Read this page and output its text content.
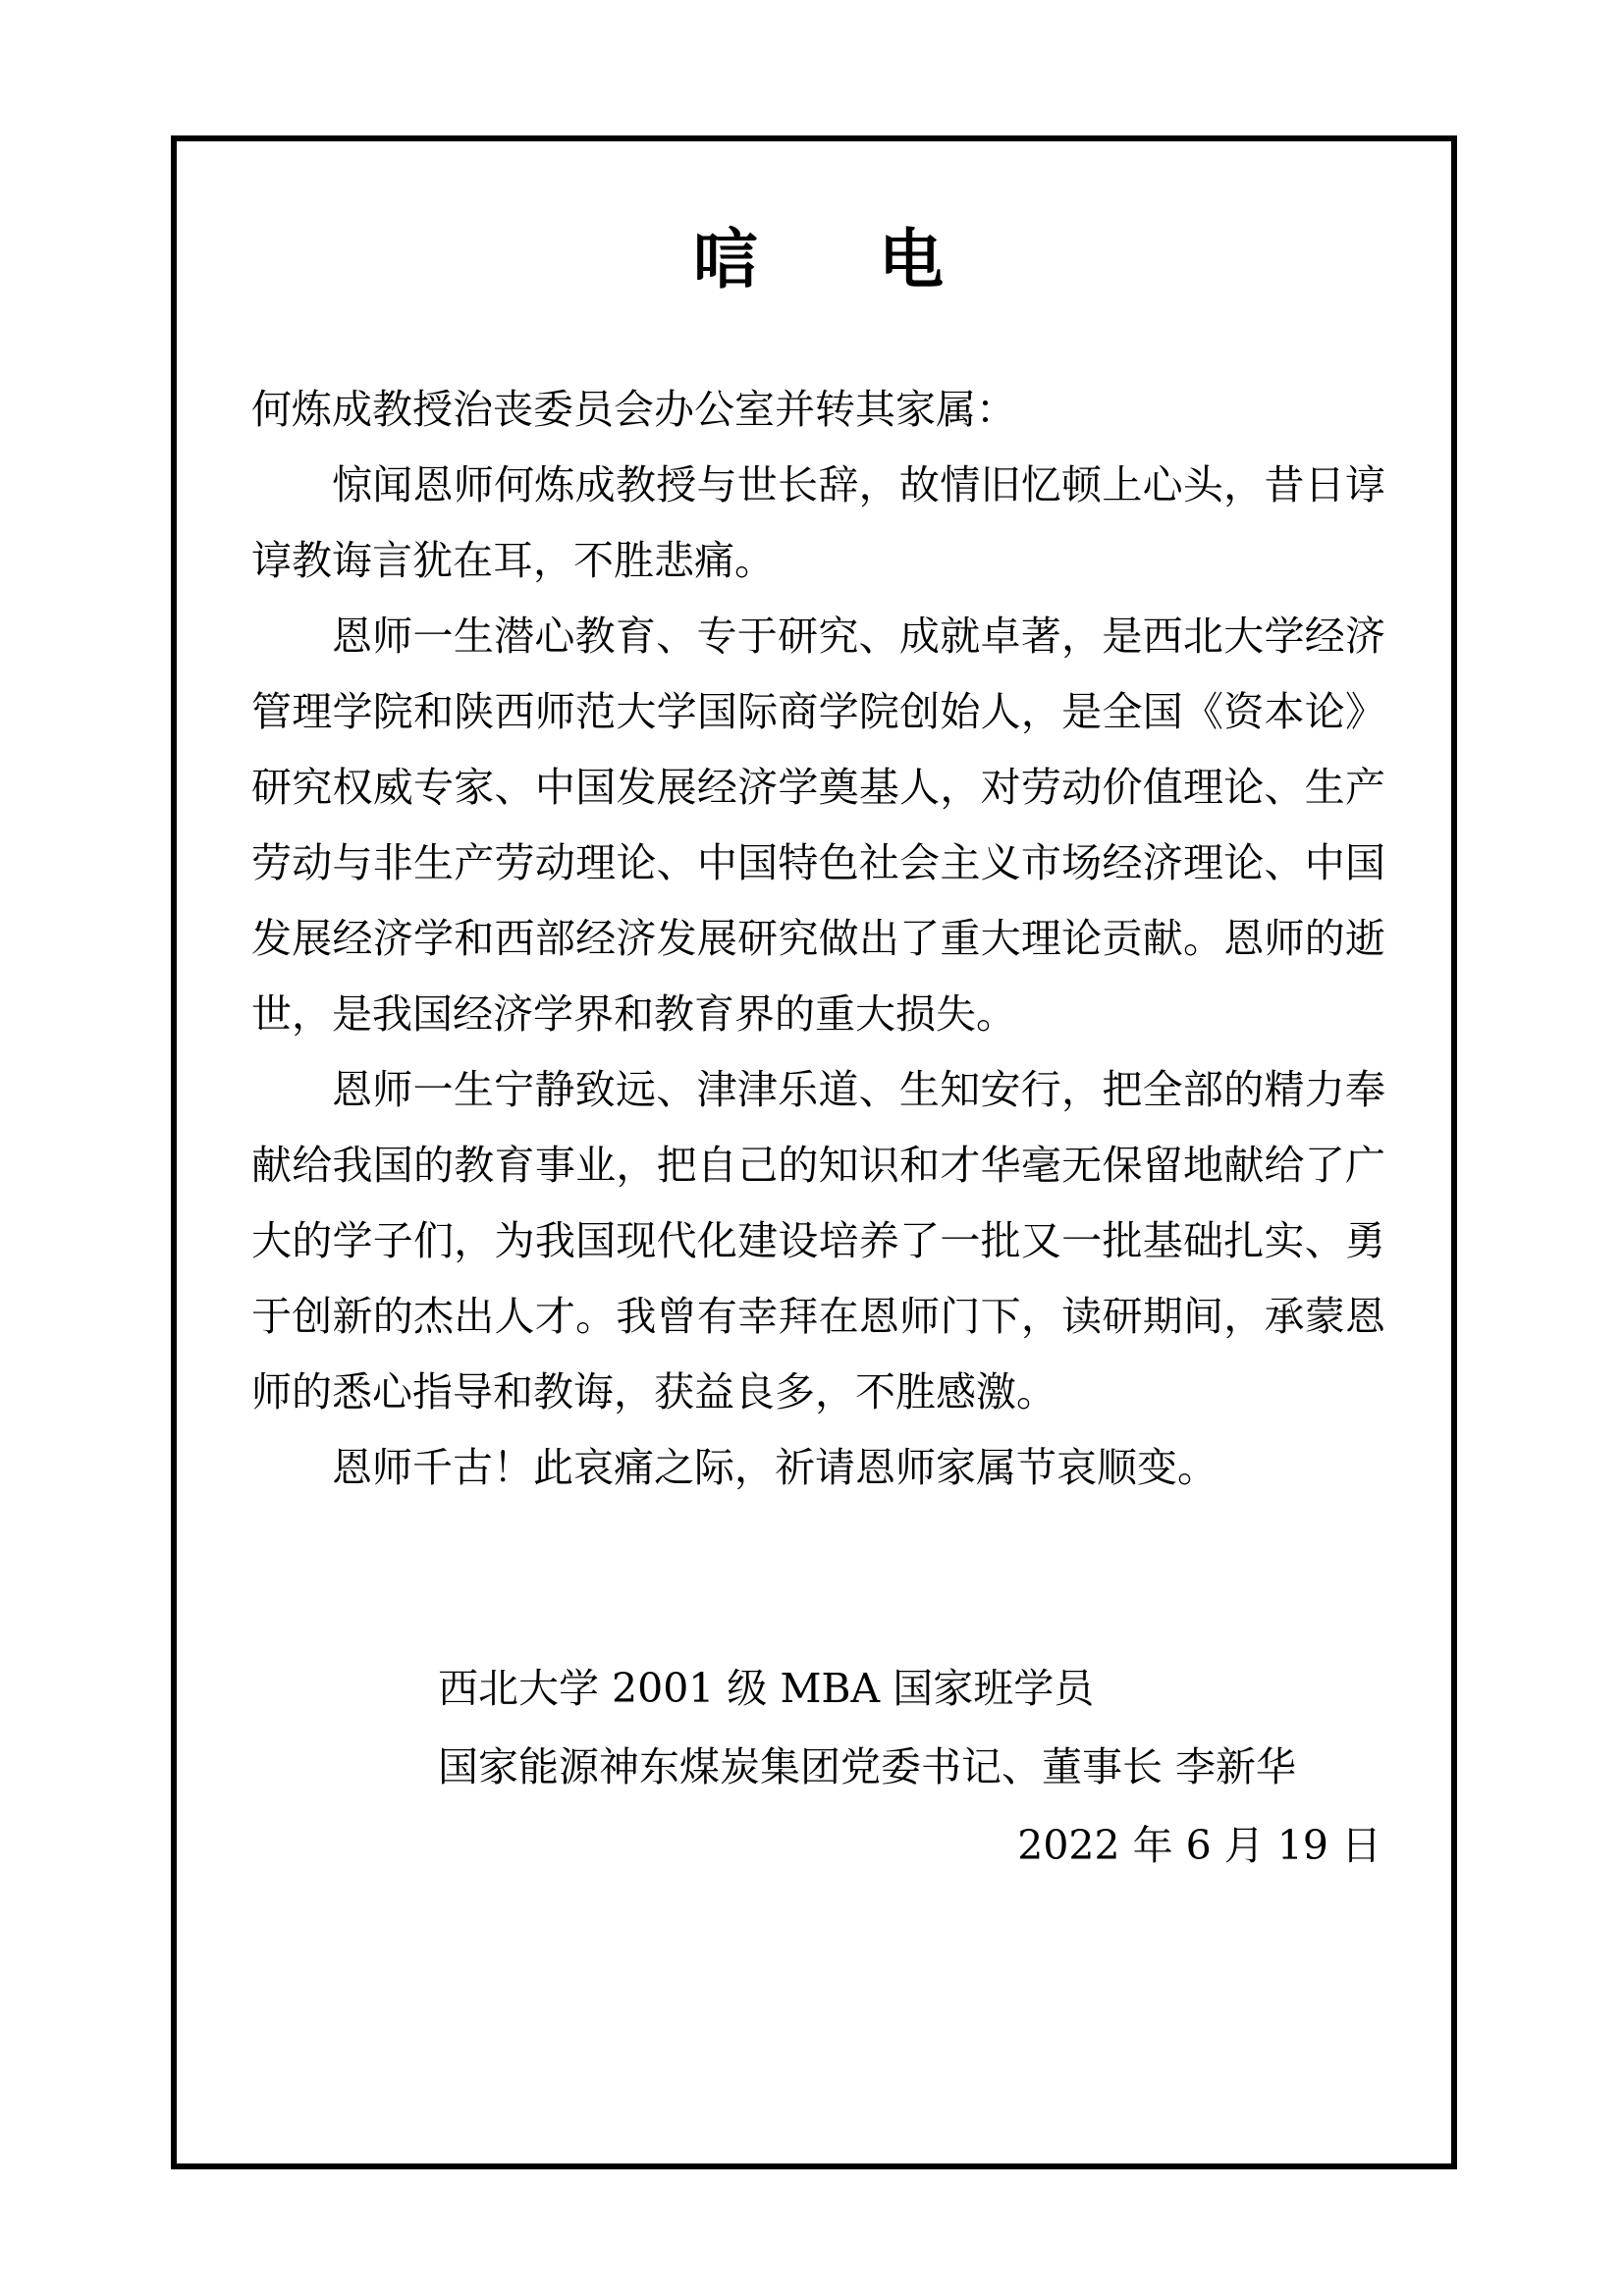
唁 电

何炼成教授治丧委员会办公室并转其家属：

惊闻恩师何炼成教授与世长辞，故情旧忆顿上心头，昔日谆谆教诲言犹在耳，不胜悲痛。

恩师一生潜心教育、专于研究、成就卓著，是西北大学经济管理学院和陕西师范大学国际商学院创始人，是全国《资本论》研究权威专家、中国发展经济学奠基人，对劳动价值理论、生产劳动与非生产劳动理论、中国特色社会主义市场经济理论、中国发展经济学和西部经济发展研究做出了重大理论贡献。恩师的逝世，是我国经济学界和教育界的重大损失。

恩师一生宁静致远、津津乐道、生知安行，把全部的精力奉献给我国的教育事业，把自己的知识和才华毫无保留地献给了广大的学子们，为我国现代化建设培养了一批又一批基础扎实、勇于创新的杰出人才。我曾有幸拜在恩师门下，读研期间，承蒙恩师的悉心指导和教诲，获益良多，不胜感激。

恩师千古！此哀痛之际，祈请恩师家属节哀顺变。

西北大学 2001 级 MBA 国家班学员
国家能源神东煤炭集团党委书记、董事长 李新华
2022 年 6 月 19 日
